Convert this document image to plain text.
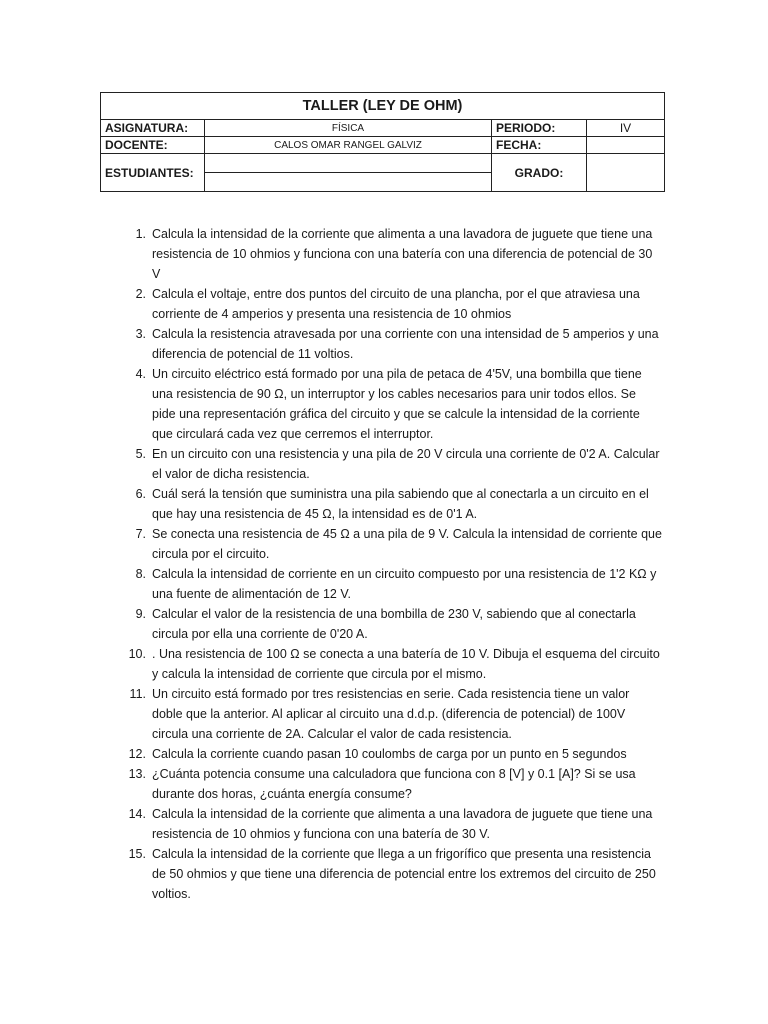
TALLER (LEY DE OHM)			
ASIGNATURA:	FÍSICA	PERIODO:	IV
DOCENTE:	CALOS OMAR RANGEL GALVIZ	FECHA:	
ESTUDIANTES:		GRADO:	
1. Calcula la intensidad de la corriente que alimenta a una lavadora de juguete que tiene una resistencia de 10 ohmios y funciona con una batería con una diferencia de potencial de 30 V
2. Calcula el voltaje, entre dos puntos del circuito de una plancha, por el que atraviesa una corriente de 4 amperios y presenta una resistencia de 10 ohmios
3. Calcula la resistencia atravesada por una corriente con una intensidad de 5 amperios y una diferencia de potencial de 11 voltios.
4. Un circuito eléctrico está formado por una pila de petaca de 4'5V, una bombilla que tiene una resistencia de 90 Ω, un interruptor y los cables necesarios para unir todos ellos. Se pide una representación gráfica del circuito y que se calcule la intensidad de la corriente que circulará cada vez que cerremos el interruptor.
5. En un circuito con una resistencia y una pila de 20 V circula una corriente de 0'2 A. Calcular el valor de dicha resistencia.
6. Cuál será la tensión que suministra una pila sabiendo que al conectarla a un circuito en el que hay una resistencia de 45 Ω, la intensidad es de 0'1 A.
7. Se conecta una resistencia de 45 Ω a una pila de 9 V. Calcula la intensidad de corriente que circula por el circuito.
8. Calcula la intensidad de corriente en un circuito compuesto por una resistencia de 1'2 KΩ y una fuente de alimentación de 12 V.
9. Calcular el valor de la resistencia de una bombilla de 230 V, sabiendo que al conectarla circula por ella una corriente de 0'20 A.
10. . Una resistencia de 100 Ω se conecta a una batería de 10 V. Dibuja el esquema del circuito y calcula la intensidad de corriente que circula por el mismo.
11. Un circuito está formado por tres resistencias en serie. Cada resistencia tiene un valor doble que la anterior. Al aplicar al circuito una d.d.p. (diferencia de potencial) de 100V circula una corriente de 2A. Calcular el valor de cada resistencia.
12. Calcula la corriente cuando pasan 10 coulombs de carga por un punto en 5 segundos
13. ¿Cuánta potencia consume una calculadora que funciona con 8 [V] y 0.1 [A]? Si se usa durante dos horas, ¿cuánta energía consume?
14. Calcula la intensidad de la corriente que alimenta a una lavadora de juguete que tiene una resistencia de 10 ohmios y funciona con una batería de 30 V.
15. Calcula la intensidad de la corriente que llega a un frigorífico que presenta una resistencia de 50 ohmios y que tiene una diferencia de potencial entre los extremos del circuito de 250 voltios.
